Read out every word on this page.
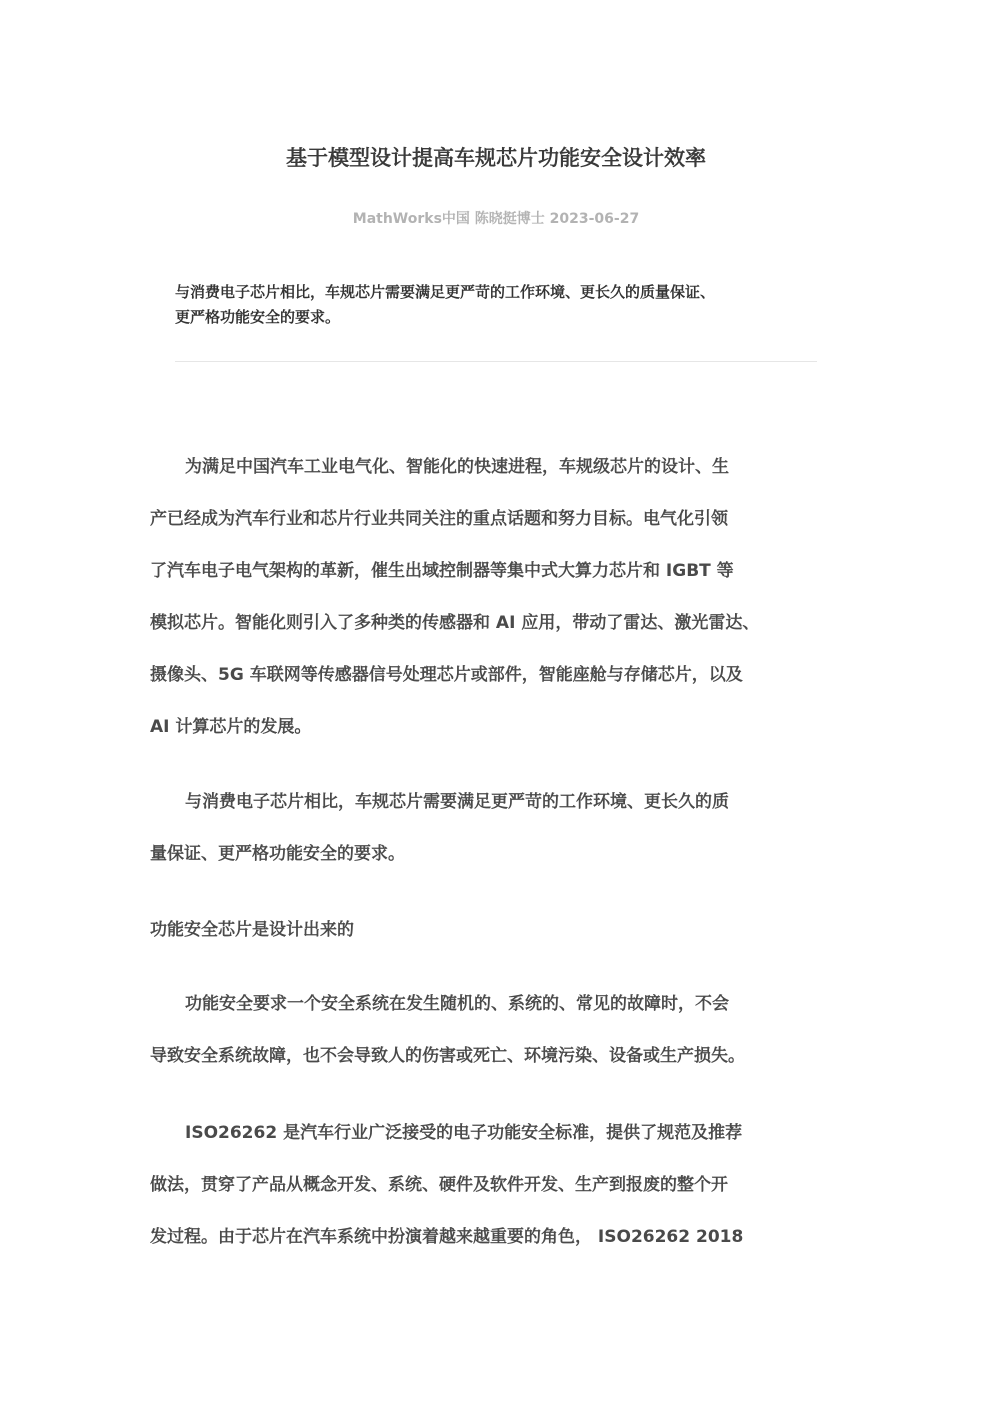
基于模型设计提高车规芯片功能安全设计效率
MathWorks中国 陈晓挺博士 2023-06-27
与消费电子芯片相比，车规芯片需要满足更严苛的工作环境、更长久的质量保证、
更严格功能安全的要求。
为满足中国汽车工业电气化、智能化的快速进程，车规级芯片的设计、生
产已经成为汽车行业和芯片行业共同关注的重点话题和努力目标。电气化引领
了汽车电子电气架构的革新，催生出域控制器等集中式大算力芯片和 IGBT 等
模拟芯片。智能化则引入了多种类的传感器和 AI 应用，带动了雷达、激光雷达、
摄像头、5G 车联网等传感器信号处理芯片或部件，智能座舱与存储芯片，以及
AI 计算芯片的发展。
与消费电子芯片相比，车规芯片需要满足更严苛的工作环境、更长久的质
量保证、更严格功能安全的要求。
功能安全芯片是设计出来的
功能安全要求一个安全系统在发生随机的、系统的、常见的故障时，不会
导致安全系统故障，也不会导致人的伤害或死亡、环境污染、设备或生产损失。
ISO26262 是汽车行业广泛接受的电子功能安全标准，提供了规范及推荐
做法，贯穿了产品从概念开发、系统、硬件及软件开发、生产到报废的整个开
发过程。由于芯片在汽车系统中扮演着越来越重要的角色， ISO26262 2018
